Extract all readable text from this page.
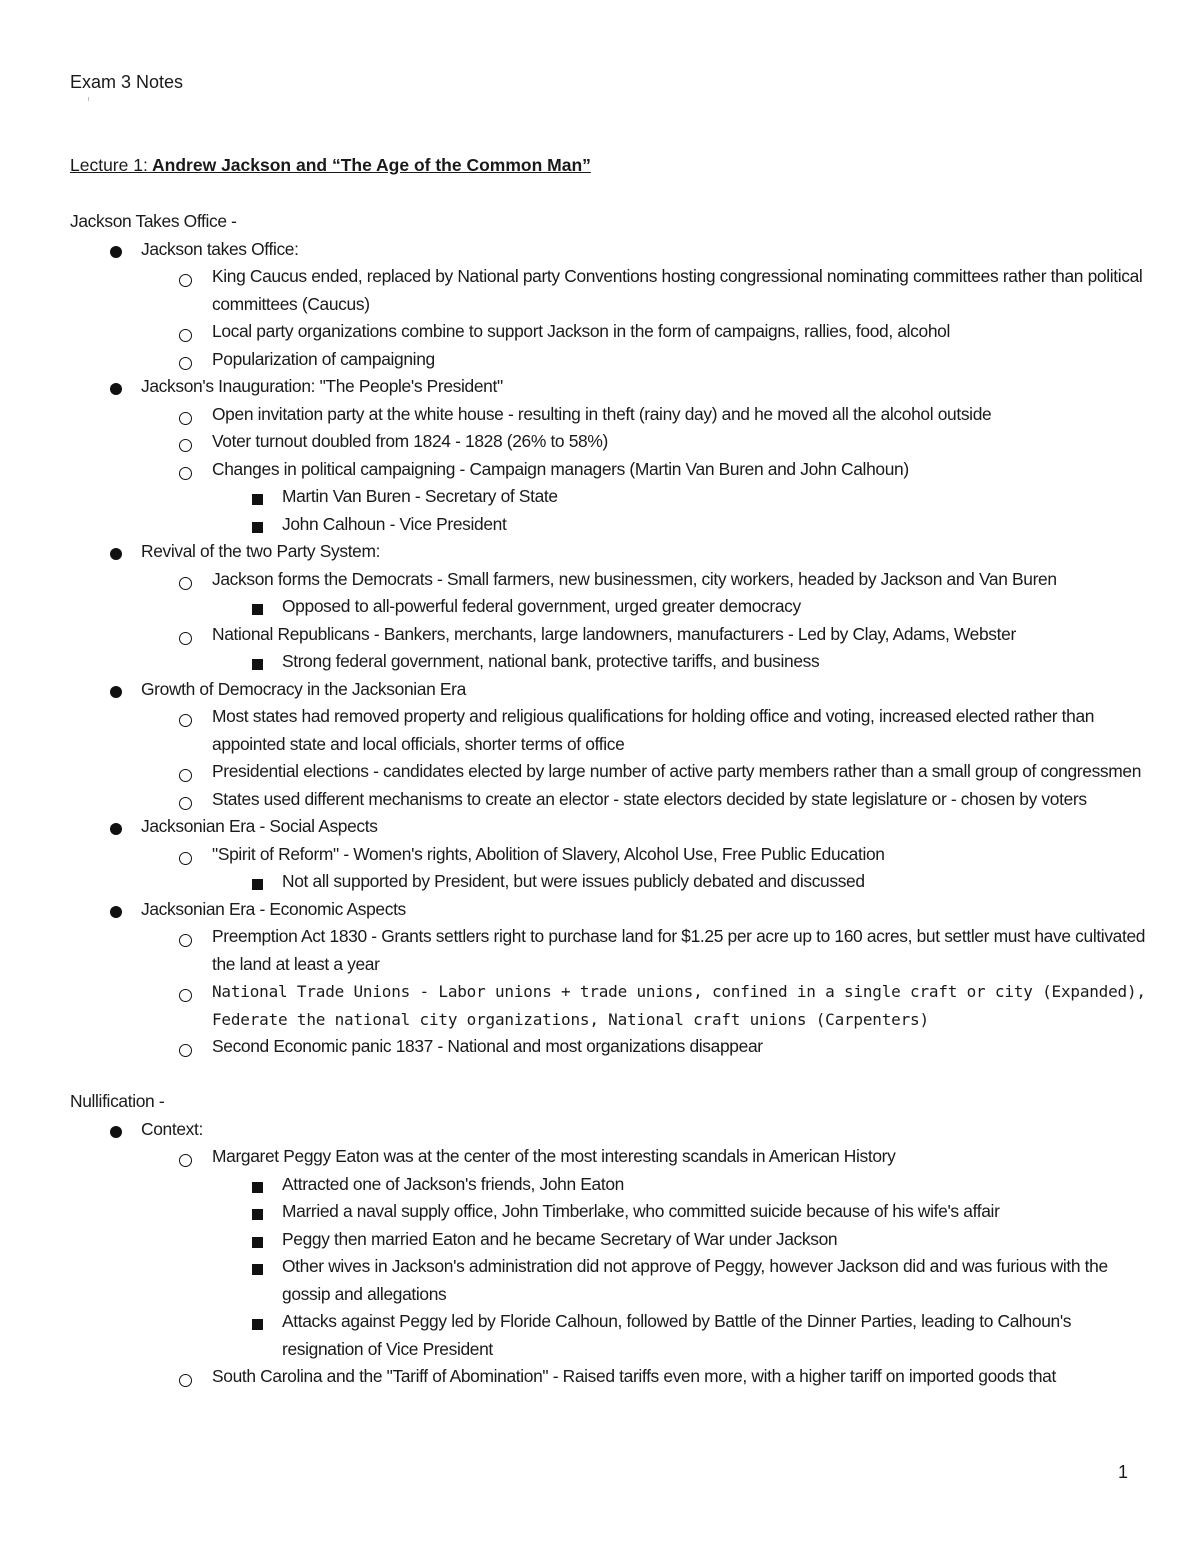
Exam 3 Notes
Lecture 1: Andrew Jackson and “The Age of the Common Man”
Jackson Takes Office -
Jackson takes Office:
King Caucus ended, replaced by National party Conventions hosting congressional nominating committees rather than political committees (Caucus)
Local party organizations combine to support Jackson in the form of campaigns, rallies, food, alcohol
Popularization of campaigning
Jackson's Inauguration: "The People's President"
Open invitation party at the white house - resulting in theft (rainy day) and he moved all the alcohol outside
Voter turnout doubled from 1824 - 1828 (26% to 58%)
Changes in political campaigning - Campaign managers (Martin Van Buren and John Calhoun)
Martin Van Buren - Secretary of State
John Calhoun - Vice President
Revival of the two Party System:
Jackson forms the Democrats - Small farmers, new businessmen, city workers, headed by Jackson and Van Buren
Opposed to all-powerful federal government, urged greater democracy
National Republicans - Bankers, merchants, large landowners, manufacturers - Led by Clay, Adams, Webster
Strong federal government, national bank, protective tariffs, and business
Growth of Democracy in the Jacksonian Era
Most states had removed property and religious qualifications for holding office and voting, increased elected rather than appointed state and local officials, shorter terms of office
Presidential elections - candidates elected by large number of active party members rather than a small group of congressmen
States used different mechanisms to create an elector - state electors decided by state legislature or - chosen by voters
Jacksonian Era - Social Aspects
"Spirit of Reform" - Women's rights, Abolition of Slavery, Alcohol Use, Free Public Education
Not all supported by President, but were issues publicly debated and discussed
Jacksonian Era - Economic Aspects
Preemption Act 1830 - Grants settlers right to purchase land for $1.25 per acre up to 160 acres, but settler must have cultivated the land at least a year
National Trade Unions - Labor unions + trade unions, confined in a single craft or city (Expanded), Federate the national city organizations, National craft unions (Carpenters)
Second Economic panic 1837 - National and most organizations disappear
Nullification -
Context:
Margaret Peggy Eaton was at the center of the most interesting scandals in American History
Attracted one of Jackson's friends, John Eaton
Married a naval supply office, John Timberlake, who committed suicide because of his wife's affair
Peggy then married Eaton and he became Secretary of War under Jackson
Other wives in Jackson's administration did not approve of Peggy, however Jackson did and was furious with the gossip and allegations
Attacks against Peggy led by Floride Calhoun, followed by Battle of the Dinner Parties, leading to Calhoun's resignation of Vice President
South Carolina and the "Tariff of Abomination" - Raised tariffs even more, with a higher tariff on imported goods that
1
